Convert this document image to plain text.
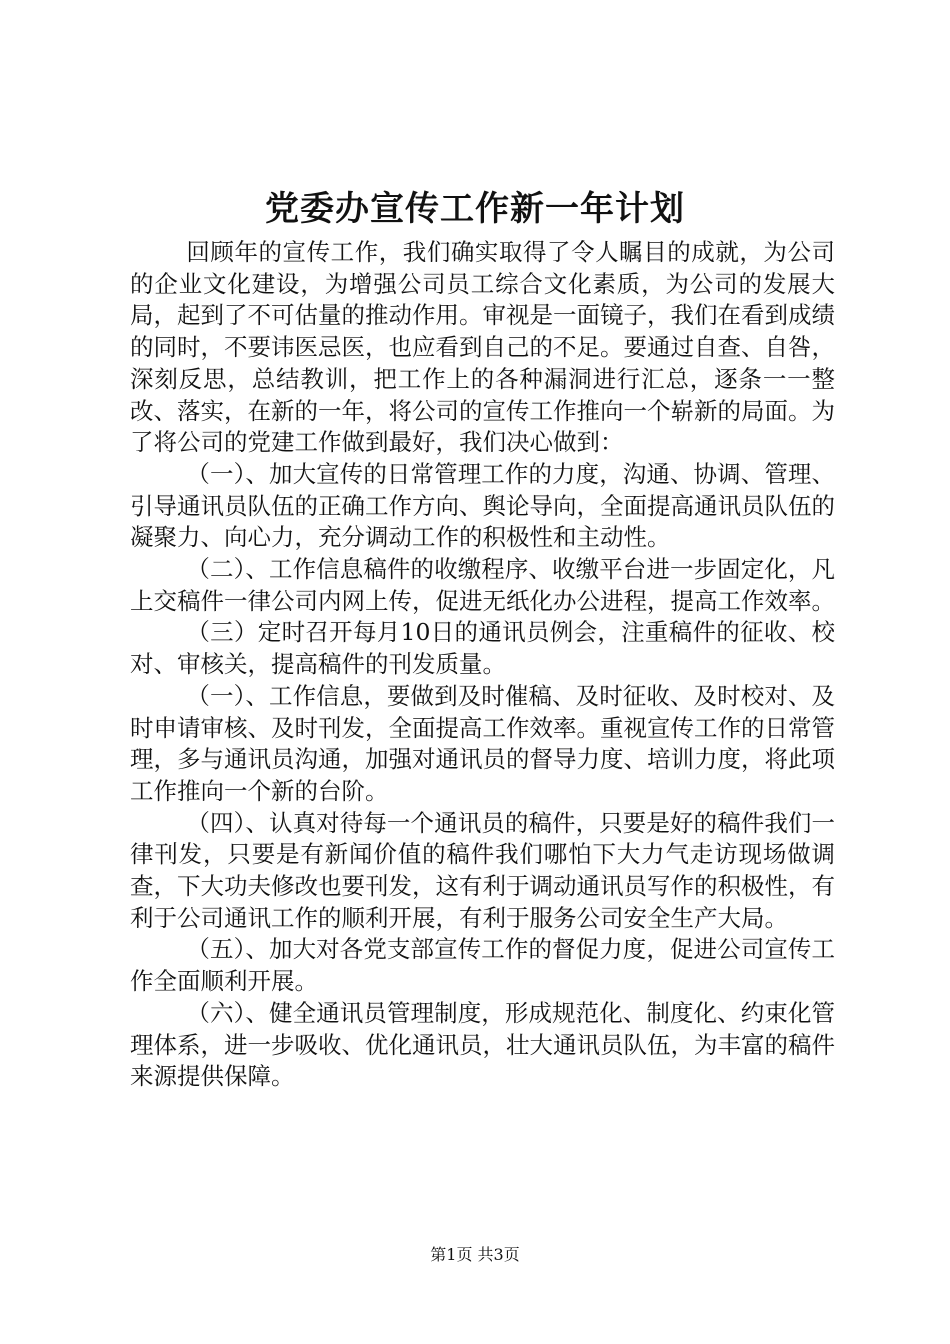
党委办宣传工作新一年计划

回顾年的宣传工作，我们确实取得了令人瞩目的成就，为公司的企业文化建设，为增强公司员工综合文化素质，为公司的发展大局，起到了不可估量的推动作用。审视是一面镜子，我们在看到成绩的同时，不要讳医忌医，也应看到自己的不足。要通过自查、自咎，深刻反思，总结教训，把工作上的各种漏洞进行汇总，逐条一一整改、落实，在新的一年，将公司的宣传工作推向一个崭新的局面。为了将公司的党建工作做到最好，我们决心做到：

（一）、加大宣传的日常管理工作的力度，沟通、协调、管理、引导通讯员队伍的正确工作方向、舆论导向，全面提高通讯员队伍的凝聚力、向心力，充分调动工作的积极性和主动性。

（二）、工作信息稿件的收缴程序、收缴平台进一步固定化，凡上交稿件一律公司内网上传，促进无纸化办公进程，提高工作效率。

（三）定时召开每月10日的通讯员例会，注重稿件的征收、校对、审核关，提高稿件的刊发质量。

（一）、工作信息，要做到及时催稿、及时征收、及时校对、及时申请审核、及时刊发，全面提高工作效率。重视宣传工作的日常管理，多与通讯员沟通，加强对通讯员的督导力度、培训力度，将此项工作推向一个新的台阶。

（四）、认真对待每一个通讯员的稿件，只要是好的稿件我们一律刊发，只要是有新闻价值的稿件我们哪怕下大力气走访现场做调查，下大功夫修改也要刊发，这有利于调动通讯员写作的积极性，有利于公司通讯工作的顺利开展，有利于服务公司安全生产大局。

（五）、加大对各党支部宣传工作的督促力度，促进公司宣传工作全面顺利开展。

（六）、健全通讯员管理制度，形成规范化、制度化、约束化管理体系，进一步吸收、优化通讯员，壮大通讯员队伍，为丰富的稿件来源提供保障。

第1页 共3页
